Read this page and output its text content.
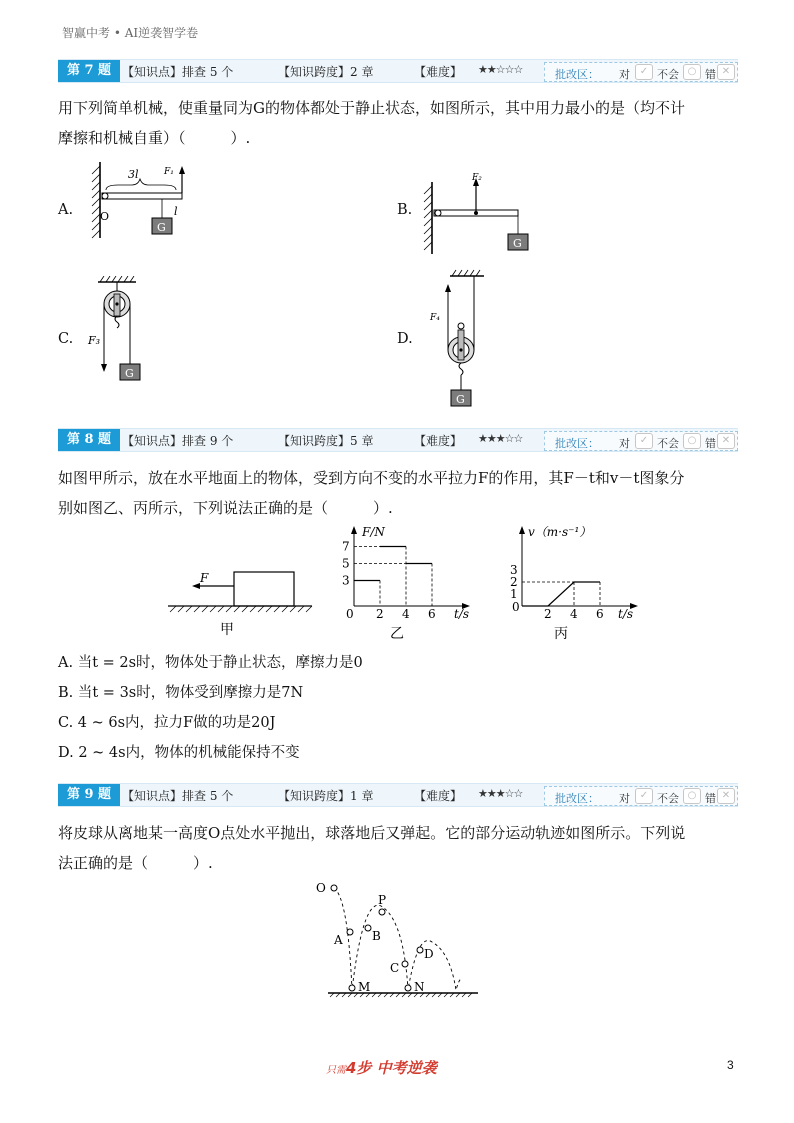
智赢中考 • AI逆袭智学卷
第 7 题 【知识点】排查 5 个	【知识跨度】2 章	【难度】 ★★☆☆☆	批改区： 对 ✓ 不会 ○ 错 ✕
用下列简单机械，使重量同为G的物体都处于静止状态，如图所示，其中用力最小的是（均不计
摩擦和机械自重）（　　　）.
A.	B.
C.	D.
O
3l	F₁
G
l
F₂
G
F₃
G
F₄
G
第 8 题 【知识点】排查 9 个	【知识跨度】5 章	【难度】 ★★★☆☆	批改区： 对 ✓ 不会 ○ 错 ✕
如图甲所示，放在水平地面上的物体，受到方向不变的水平拉力F的作用，其F－t和v－t图象分
别如图乙、丙所示，下列说法正确的是（　　　）.
F
甲
F/N
t/s
0
7
5
3
2 4 6
乙
v（m·s⁻¹）
t/s
0
3
2
1
2 4 6
丙
A. 当t = 2s时，物体处于静止状态，摩擦力是0
B. 当t = 3s时，物体受到摩擦力是7N
C. 4 ~ 6s内，拉力F做的功是20J
D. 2 ~ 4s内，物体的机械能保持不变
第 9 题 【知识点】排查 5 个	【知识跨度】1 章	【难度】 ★★★☆☆	批改区： 对 ✓ 不会 ○ 错 ✕
将皮球从离地某一高度O点处水平抛出，球落地后又弹起。它的部分运动轨迹如图所示。下列说
法正确的是（　　　）.
O
P
A B
C
D
M	N
只需4步 中考逆袭	3
